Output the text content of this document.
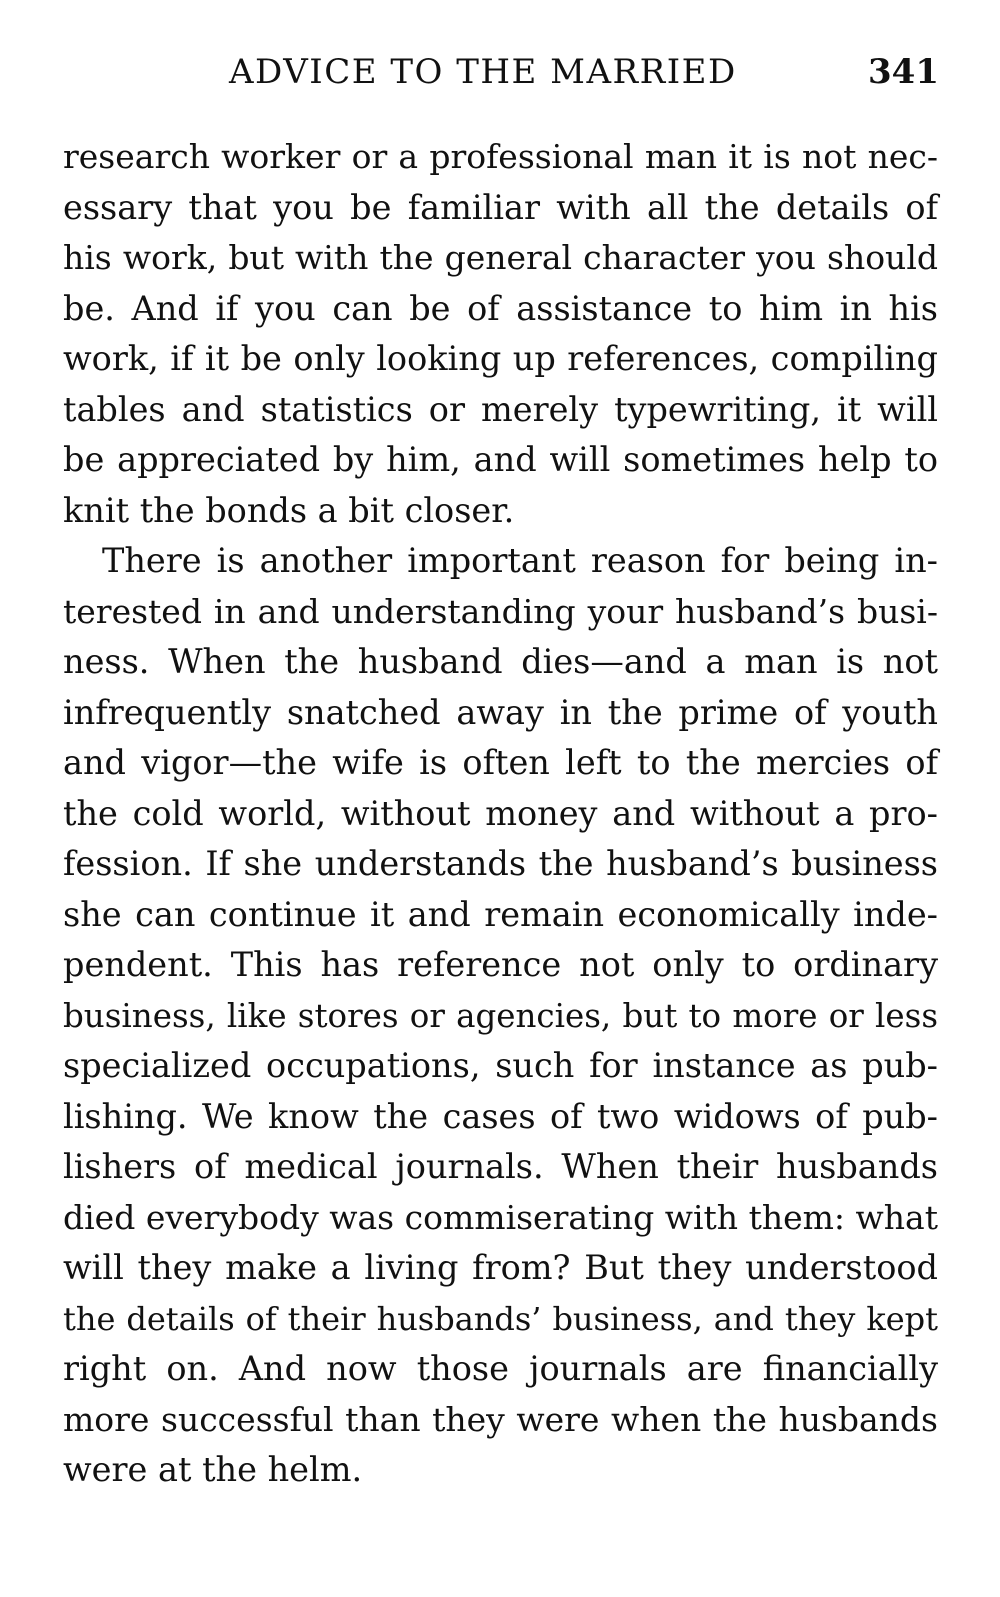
ADVICE TO THE MARRIED	341
research worker or a professional man it is not nec-
essary that you be familiar with all the details of
his work, but with the general character you should
be. And if you can be of assistance to him in his
work, if it be only looking up references, compiling
tables and statistics or merely typewriting, it will
be appreciated by him, and will sometimes help to
knit the bonds a bit closer.
There is another important reason for being in-
terested in and understanding your husband’s busi-
ness. When the husband dies—and a man is not
infrequently snatched away in the prime of youth
and vigor—the wife is often left to the mercies of
the cold world, without money and without a pro-
fession. If she understands the husband’s business
she can continue it and remain economically inde-
pendent. This has reference not only to ordinary
business, like stores or agencies, but to more or less
specialized occupations, such for instance as pub-
lishing. We know the cases of two widows of pub-
lishers of medical journals. When their husbands
died everybody was commiserating with them: what
will they make a living from? But they understood
the details of their husbands’ business, and they kept
right on. And now those journals are financially
more successful than they were when the husbands
were at the helm.
